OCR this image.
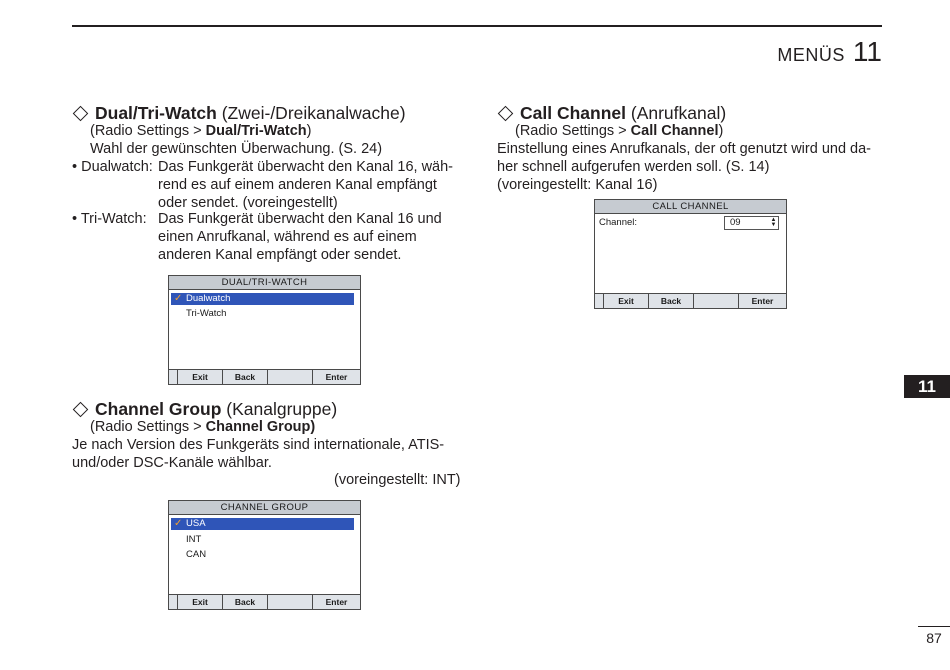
MENÜS 11
Dual/Tri-Watch (Zwei-/Dreikanalwache)
(Radio Settings > Dual/Tri-Watch)
Wahl der gewünschten Überwachung. (S. 24)
• Dualwatch: Das Funkgerät überwacht den Kanal 16, wäh-
rend es auf einem anderen Kanal empfängt
oder sendet. (voreingestellt)
• Tri-Watch: Das Funkgerät überwacht den Kanal 16 und
einen Anrufkanal, während es auf einem
anderen Kanal empfängt oder sendet.
DUAL/TRI-WATCH
✓ Dualwatch
Tri-Watch
Exit	Back	Enter
Channel Group (Kanalgruppe)
(Radio Settings > Channel Group)
Je nach Version des Funkgeräts sind internationale, ATIS-
und/oder DSC-Kanäle wählbar.
(voreingestellt: INT)
CHANNEL GROUP
✓ USA
INT
CAN
Exit	Back	Enter
Call Channel (Anrufkanal)
(Radio Settings > Call Channel)
Einstellung eines Anrufkanals, der oft genutzt wird und da-
her schnell aufgerufen werden soll. (S. 14)
(voreingestellt: Kanal 16)
CALL CHANNEL
Channel:	09	▲
▼
Exit	Back	Enter
11
87
